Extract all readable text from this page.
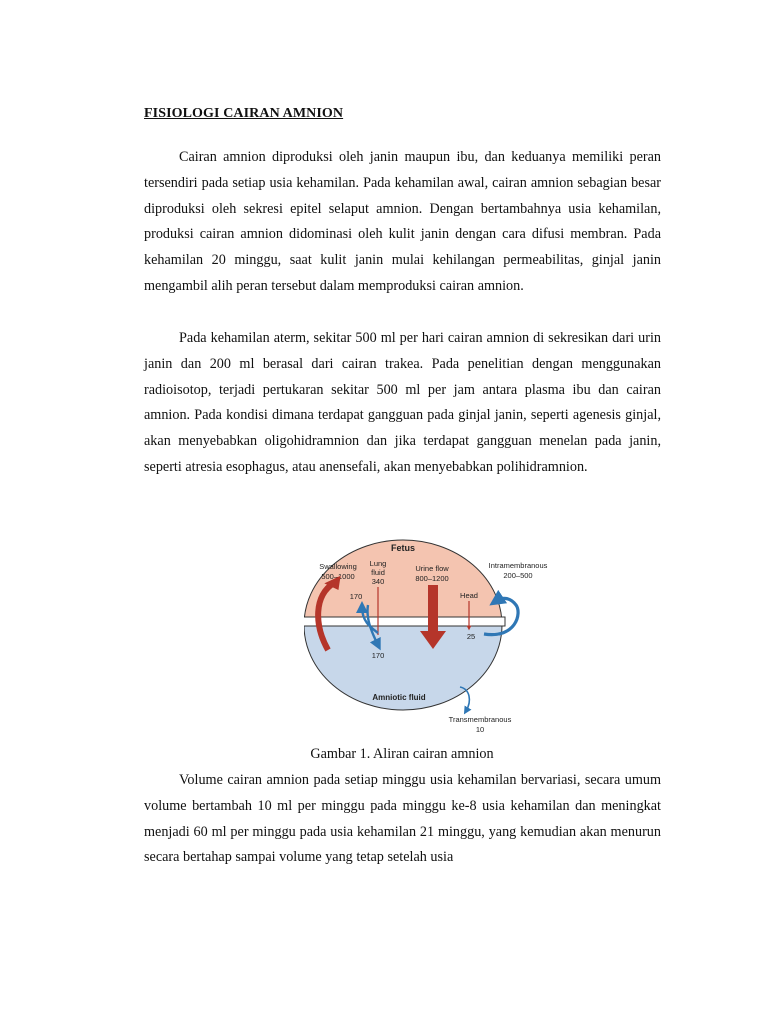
FISIOLOGI CAIRAN AMNION

Cairan amnion diproduksi oleh janin maupun ibu, dan keduanya memiliki peran tersendiri pada setiap usia kehamilan. Pada kehamilan awal, cairan amnion sebagian besar diproduksi oleh sekresi epitel selaput amnion. Dengan bertambahnya usia kehamilan, produksi cairan amnion didominasi oleh kulit janin dengan cara difusi membran. Pada kehamilan 20 minggu, saat kulit janin mulai kehilangan permeabilitas, ginjal janin mengambil alih peran tersebut dalam memproduksi cairan amnion.

Pada kehamilan aterm, sekitar 500 ml per hari cairan amnion di sekresikan dari urin janin dan 200 ml berasal dari cairan trakea. Pada penelitian dengan menggunakan radioisotop, terjadi pertukaran sekitar 500 ml per jam antara plasma ibu dan cairan amnion. Pada kondisi dimana terdapat gangguan pada ginjal janin, seperti agenesis ginjal, akan menyebabkan oligohidramnion dan jika terdapat gangguan menelan pada janin, seperti atresia esophagus, atau anensefali, akan menyebabkan polihidramnion.

Fetus
Swallowing
500–1000
Lung
fluid
340
170
Urine flow
800–1200
Intramembranous
200–500
Head
25
170
Amniotic fluid
Transmembranous
10
Gambar 1. Aliran cairan amnion

Volume cairan amnion pada setiap minggu usia kehamilan bervariasi, secara umum volume bertambah 10 ml per minggu pada minggu ke-8 usia kehamilan dan meningkat menjadi 60 ml per minggu pada usia kehamilan 21 minggu, yang kemudian akan menurun secara bertahap sampai volume yang tetap setelah usia
